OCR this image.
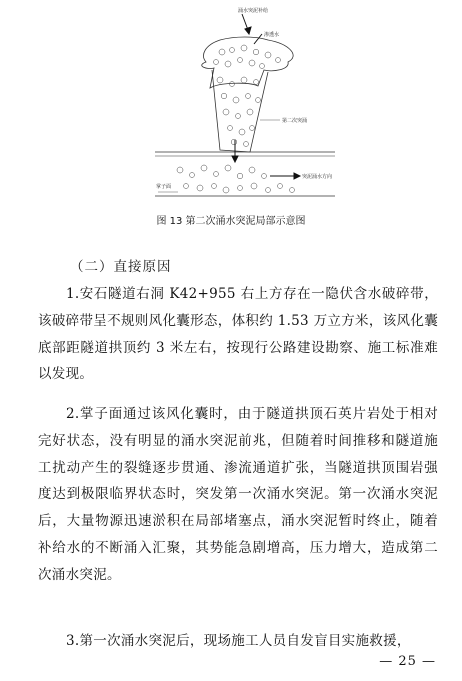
涌水突泥补给
渗透水
第二次突涌
突泥涌水方向
掌子面
图 13 第二次涌水突泥局部示意图
（二）直接原因

1.安石隧道右洞 K42+955 右上方存在一隐伏含水破碎带，该破碎带呈不规则风化囊形态，体积约 1.53 万立方米，该风化囊底部距隧道拱顶约 3 米左右，按现行公路建设勘察、施工标准难以发现。

2.掌子面通过该风化囊时，由于隧道拱顶石英片岩处于相对完好状态，没有明显的涌水突泥前兆，但随着时间推移和隧道施工扰动产生的裂缝逐步贯通、渗流通道扩张，当隧道拱顶围岩强度达到极限临界状态时，突发第一次涌水突泥。第一次涌水突泥后，大量物源迅速淤积在局部堵塞点，涌水突泥暂时终止，随着补给水的不断涌入汇聚，其势能急剧增高，压力增大，造成第二次涌水突泥。

3.第一次涌水突泥后，现场施工人员自发盲目实施救援，

— 25 —
